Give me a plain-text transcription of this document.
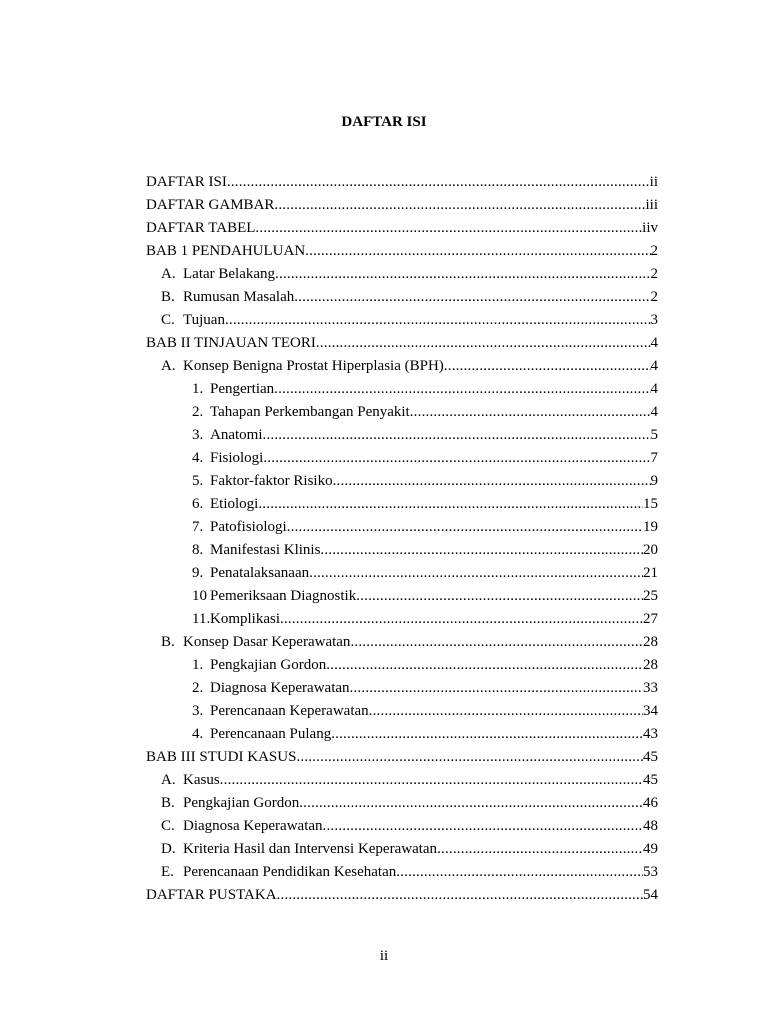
DAFTAR ISI
DAFTAR ISI .....	ii
DAFTAR GAMBAR .....	iii
DAFTAR TABEL .....	iiv
BAB 1 PENDAHULUAN .....	2
A. Latar Belakang .....	2
B. Rumusan Masalah .....	2
C. Tujuan .....	3
BAB II TINJAUAN TEORI .....	4
A. Konsep Benigna Prostat Hiperplasia (BPH) .....	4
1. Pengertian .....	4
2. Tahapan Perkembangan Penyakit .....	4
3. Anatomi .....	5
4. Fisiologi .....	7
5. Faktor-faktor Risiko .....	9
6. Etiologi .....	15
7. Patofisiologi .....	19
8. Manifestasi Klinis .....	20
9. Penatalaksanaan .....	21
10 Pemeriksaan Diagnostik .....	25
11. Komplikasi .....	27
B. Konsep Dasar Keperawatan .....	28
1. Pengkajian Gordon .....	28
2. Diagnosa Keperawatan .....	33
3. Perencanaan Keperawatan .....	34
4. Perencanaan Pulang .....	43
BAB III STUDI KASUS .....	45
A. Kasus .....	45
B. Pengkajian Gordon .....	46
C. Diagnosa Keperawatan .....	48
D. Kriteria Hasil dan Intervensi Keperawatan .....	49
E. Perencanaan Pendidikan Kesehatan .....	53
DAFTAR PUSTAKA .....	54
ii
